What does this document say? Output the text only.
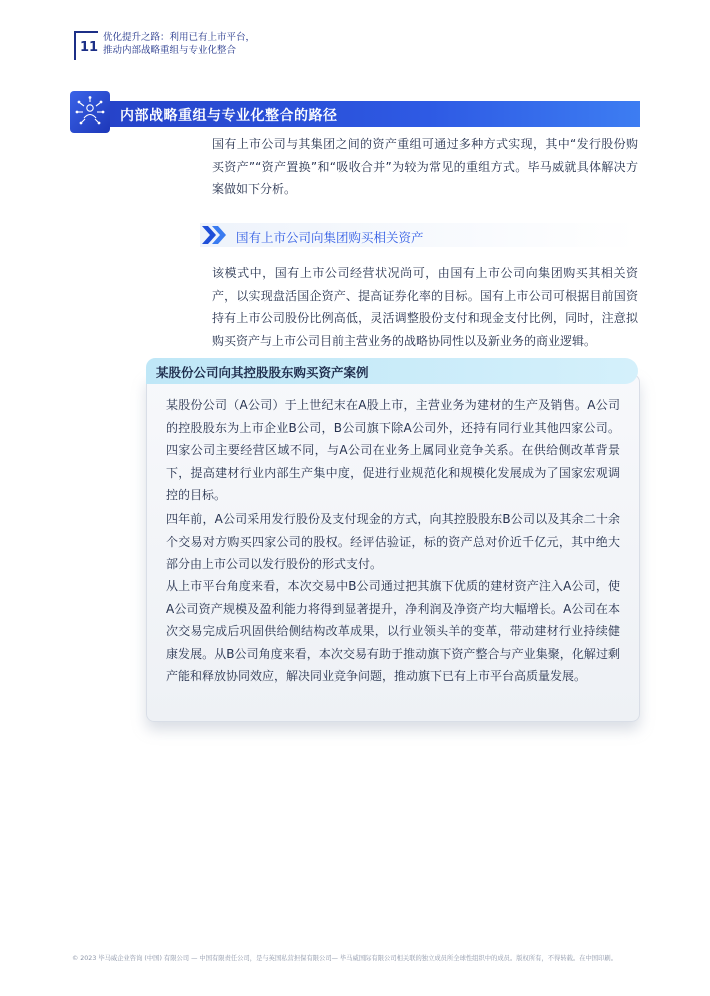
11
优化提升之路：利用已有上市平台，
推动内部战略重组与专业化整合
内部战略重组与专业化整合的路径
国有上市公司与其集团之间的资产重组可通过多种方式实现，其中“发行股份购买资产”“资产置换”和“吸收合并”为较为常见的重组方式。毕马威就具体解决方案做如下分析。
国有上市公司向集团购买相关资产
该模式中，国有上市公司经营状况尚可，由国有上市公司向集团购买其相关资产，以实现盘活国企资产、提高证券化率的目标。国有上市公司可根据目前国资持有上市公司股份比例高低，灵活调整股份支付和现金支付比例，同时，注意拟购买资产与上市公司目前主营业务的战略协同性以及新业务的商业逻辑。
某股份公司向其控股股东购买资产案例
某股份公司（A公司）于上世纪末在A股上市，主营业务为建材的生产及销售。A公司的控股股东为上市企业B公司，B公司旗下除A公司外，还持有同行业其他四家公司。四家公司主要经营区域不同，与A公司在业务上属同业竞争关系。在供给侧改革背景下，提高建材行业内部生产集中度，促进行业规范化和规模化发展成为了国家宏观调控的目标。
四年前，A公司采用发行股份及支付现金的方式，向其控股股东B公司以及其余二十余个交易对方购买四家公司的股权。经评估验证，标的资产总对价近千亿元，其中绝大部分由上市公司以发行股份的形式支付。
从上市平台角度来看，本次交易中B公司通过把其旗下优质的建材资产注入A公司，使A公司资产规模及盈利能力将得到显著提升，净利润及净资产均大幅增长。A公司在本次交易完成后巩固供给侧结构改革成果，以行业领头羊的变革，带动建材行业持续健康发展。从B公司角度来看，本次交易有助于推动旗下资产整合与产业集聚，化解过剩产能和释放协同效应，解决同业竞争问题，推动旗下已有上市平台高质量发展。
© 2023 毕马威企业咨询 (中国) 有限公司 — 中国有限责任公司，是与英国私营担保有限公司— 毕马威国际有限公司相关联的独立成员所全球性组织中的成员。版权所有，不得转载。在中国印刷。
